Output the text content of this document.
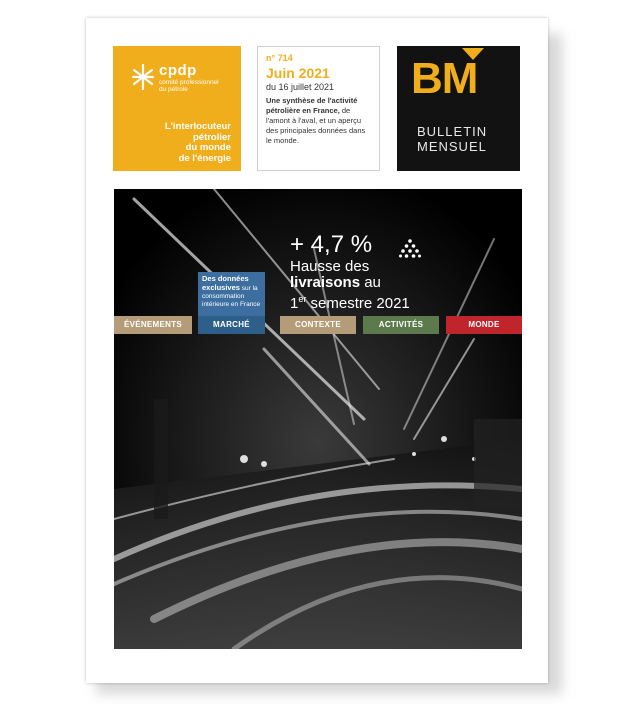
cpdp
comité professionnel du pétrole
L'interlocuteur
pétrolier
du monde
de l'énergie
n° 714
Juin 2021
du 16 juillet 2021
Une synthèse de l'activité pétrolière en France, de l'amont à l'aval, et un aperçu des principales données dans le monde.
BM
BULLETIN
MENSUEL
+ 4,7 %
Hausse des
livraisons au
1er semestre 2021
Des données exclusives sur la consommation intérieure en France
ÉVÉNEMENTS	MARCHÉ	CONTEXTE	ACTIVITÉS	MONDE
